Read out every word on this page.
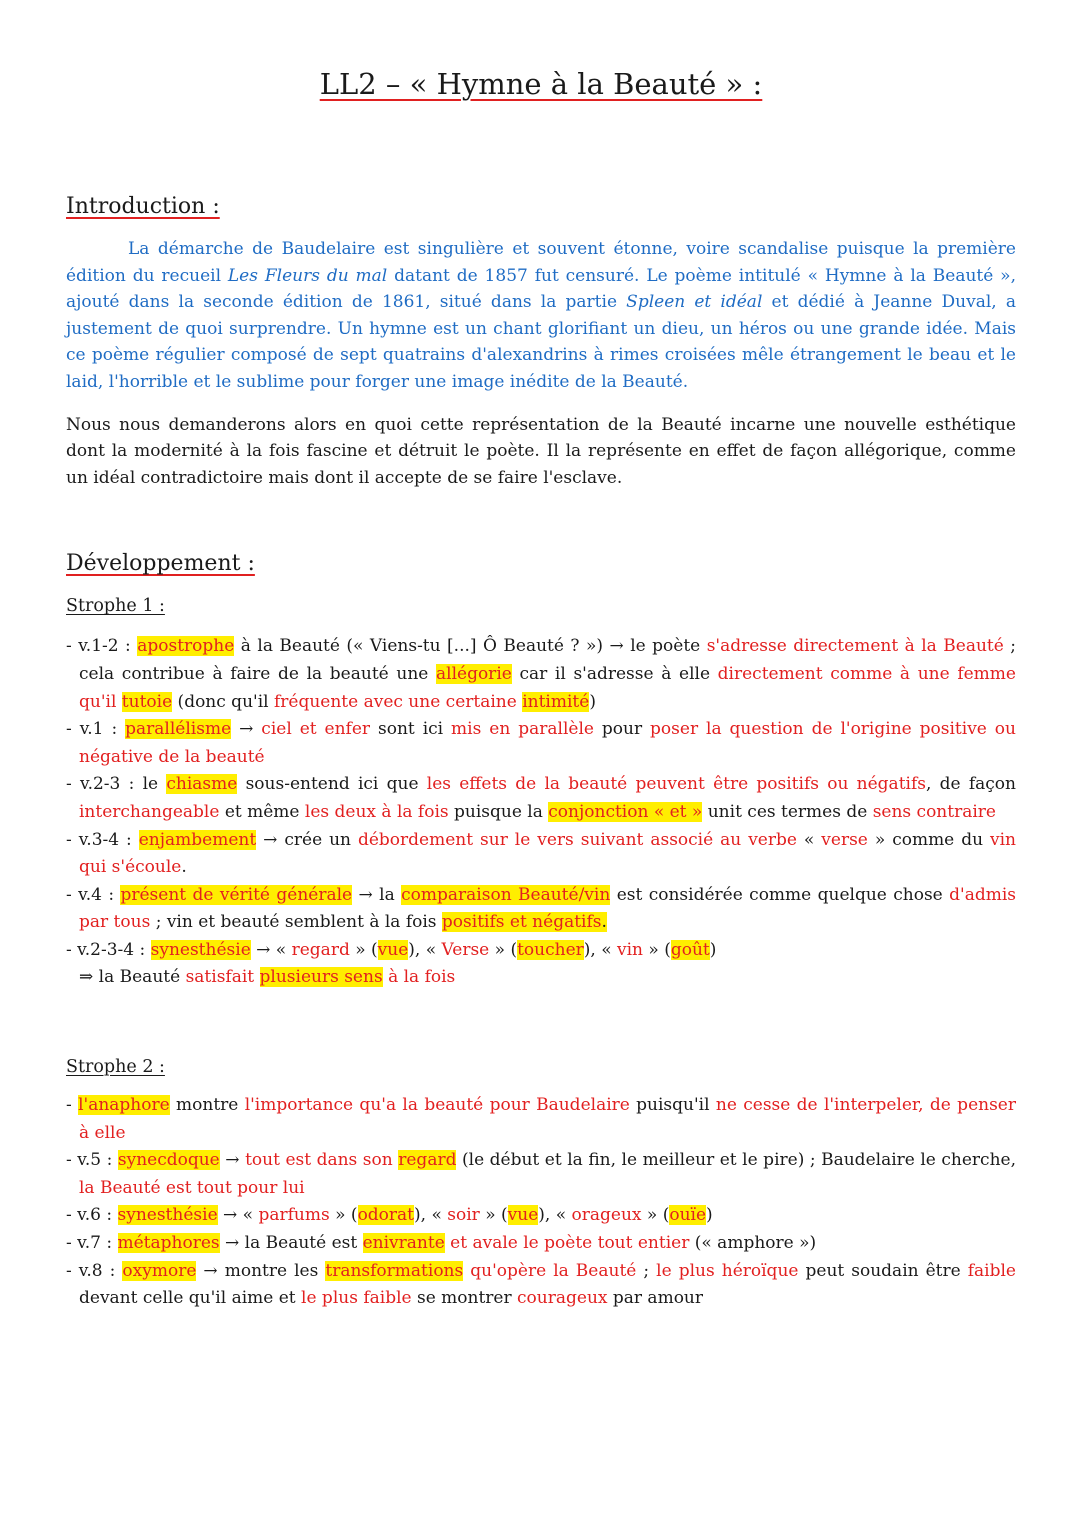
LL2 – « Hymne à la Beauté » :
Introduction :

La démarche de Baudelaire est singulière et souvent étonne, voire scandalise puisque la première édition du recueil Les Fleurs du mal datant de 1857 fut censuré. Le poème intitulé « Hymne à la Beauté », ajouté dans la seconde édition de 1861, situé dans la partie Spleen et idéal et dédié à Jeanne Duval, a justement de quoi surprendre. Un hymne est un chant glorifiant un dieu, un héros ou une grande idée. Mais ce poème régulier composé de sept quatrains d'alexandrins à rimes croisées mêle étrangement le beau et le laid, l'horrible et le sublime pour forger une image inédite de la Beauté.

Nous nous demanderons alors en quoi cette représentation de la Beauté incarne une nouvelle esthétique dont la modernité à la fois fascine et détruit le poète. Il la représente en effet de façon allégorique, comme un idéal contradictoire mais dont il accepte de se faire l'esclave.

Développement :
Strophe 1 :
- v.1-2 : apostrophe à la Beauté (« Viens-tu [...] Ô Beauté ? ») → le poète s'adresse directement à la Beauté ; cela contribue à faire de la beauté une allégorie car il s'adresse à elle directement comme à une femme qu'il tutoie (donc qu'il fréquente avec une certaine intimité)
- v.1 : parallélisme → ciel et enfer sont ici mis en parallèle pour poser la question de l'origine positive ou négative de la beauté
- v.2-3 : le chiasme sous-entend ici que les effets de la beauté peuvent être positifs ou négatifs, de façon interchangeable et même les deux à la fois puisque la conjonction « et » unit ces termes de sens contraire
- v.3-4 : enjambement → crée un débordement sur le vers suivant associé au verbe « verse » comme du vin qui s'écoule.
- v.4 : présent de vérité générale → la comparaison Beauté/vin est considérée comme quelque chose d'admis par tous ; vin et beauté semblent à la fois positifs et négatifs.
- v.2-3-4 : synesthésie → « regard » (vue), « Verse » (toucher), « vin » (goût)
⇒ la Beauté satisfait plusieurs sens à la fois
Strophe 2 :
- l'anaphore montre l'importance qu'a la beauté pour Baudelaire puisqu'il ne cesse de l'interpeler, de penser à elle
- v.5 : synecdoque → tout est dans son regard (le début et la fin, le meilleur et le pire) ; Baudelaire le cherche, la Beauté est tout pour lui
- v.6 : synesthésie → « parfums » (odorat), « soir » (vue), « orageux » (ouïe)
- v.7 : métaphores → la Beauté est enivrante et avale le poète tout entier (« amphore »)
- v.8 : oxymore → montre les transformations qu'opère la Beauté ; le plus héroïque peut soudain être faible devant celle qu'il aime et le plus faible se montrer courageux par amour
